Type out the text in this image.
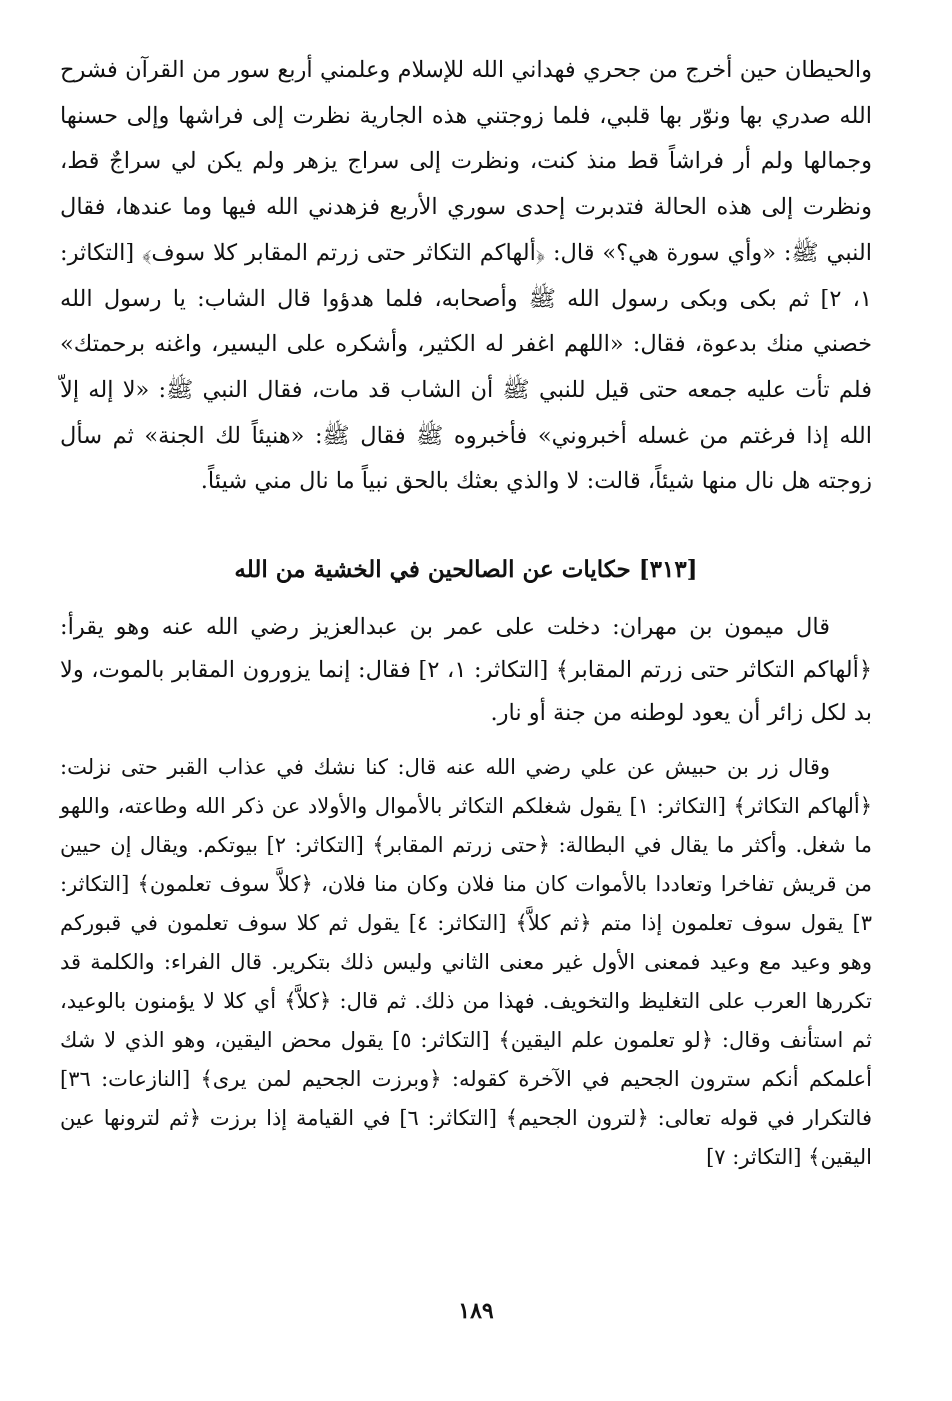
والحيطان حين أخرج من جحري فهداني الله للإسلام وعلمني أربع سور من القرآن فشرح الله صدري بها ونوّر بها قلبي، فلما زوجتني هذه الجارية نظرت إلى فراشها وإلى حسنها وجمالها ولم أر فراشاً قط منذ كنت، ونظرت إلى سراج يزهر ولم يكن لي سراجٌ قط، ونظرت إلى هذه الحالة فتدبرت إحدى سوري الأربع فزهدني الله فيها وما عندها، فقال النبي ﷺ: «وأي سورة هي؟» قال: ﴿ألهاكم التكاثر حتى زرتم المقابر كلا سوف﴾ [التكاثر: ١، ٢] ثم بكى وبكى رسول الله ﷺ وأصحابه، فلما هدؤوا قال الشاب: يا رسول الله خصني منك بدعوة، فقال: «اللهم اغفر له الكثير، وأشكره على اليسير، واغنه برحمتك» فلم تأت عليه جمعه حتى قيل للنبي ﷺ أن الشاب قد مات، فقال النبي ﷺ: «لا إله إلاّ الله إذا فرغتم من غسله أخبروني» فأخبروه ﷺ فقال ﷺ: «هنيئاً لك الجنة» ثم سأل زوجته هل نال منها شيئاً، قالت: لا والذي بعثك بالحق نبياً ما نال مني شيئاً.

[٣١٣] حكايات عن الصالحين في الخشية من الله

قال ميمون بن مهران: دخلت على عمر بن عبدالعزيز رضي الله عنه وهو يقرأ: ﴿ألهاكم التكاثر حتى زرتم المقابر﴾ [التكاثر: ١، ٢] فقال: إنما يزورون المقابر بالموت، ولا بد لكل زائر أن يعود لوطنه من جنة أو نار.

وقال زر بن حبيش عن علي رضي الله عنه قال: كنا نشك في عذاب القبر حتى نزلت: ﴿ألهاكم التكاثر﴾ [التكاثر: ١] يقول شغلكم التكاثر بالأموال والأولاد عن ذكر الله وطاعته، واللهو ما شغل. وأكثر ما يقال في البطالة: ﴿حتى زرتم المقابر﴾ [التكاثر: ٢] بيوتكم. ويقال إن حيين من قريش تفاخرا وتعاددا بالأموات كان منا فلان وكان منا فلان، ﴿كلاَّ سوف تعلمون﴾ [التكاثر: ٣] يقول سوف تعلمون إذا متم ﴿ثم كلاَّ﴾ [التكاثر: ٤] يقول ثم كلا سوف تعلمون في قبوركم وهو وعيد مع وعيد فمعنى الأول غير معنى الثاني وليس ذلك بتكرير. قال الفراء: والكلمة قد تكررها العرب على التغليظ والتخويف. فهذا من ذلك. ثم قال: ﴿كلاَّ﴾ أي كلا لا يؤمنون بالوعيد، ثم استأنف وقال: ﴿لو تعلمون علم اليقين﴾ [التكاثر: ٥] يقول محض اليقين، وهو الذي لا شك أعلمكم أنكم سترون الجحيم في الآخرة كقوله: ﴿وبرزت الجحيم لمن يرى﴾ [النازعات: ٣٦] فالتكرار في قوله تعالى: ﴿لترون الجحيم﴾ [التكاثر: ٦] في القيامة إذا برزت ﴿ثم لترونها عين اليقين﴾ [التكاثر: ٧]

١٨٩
